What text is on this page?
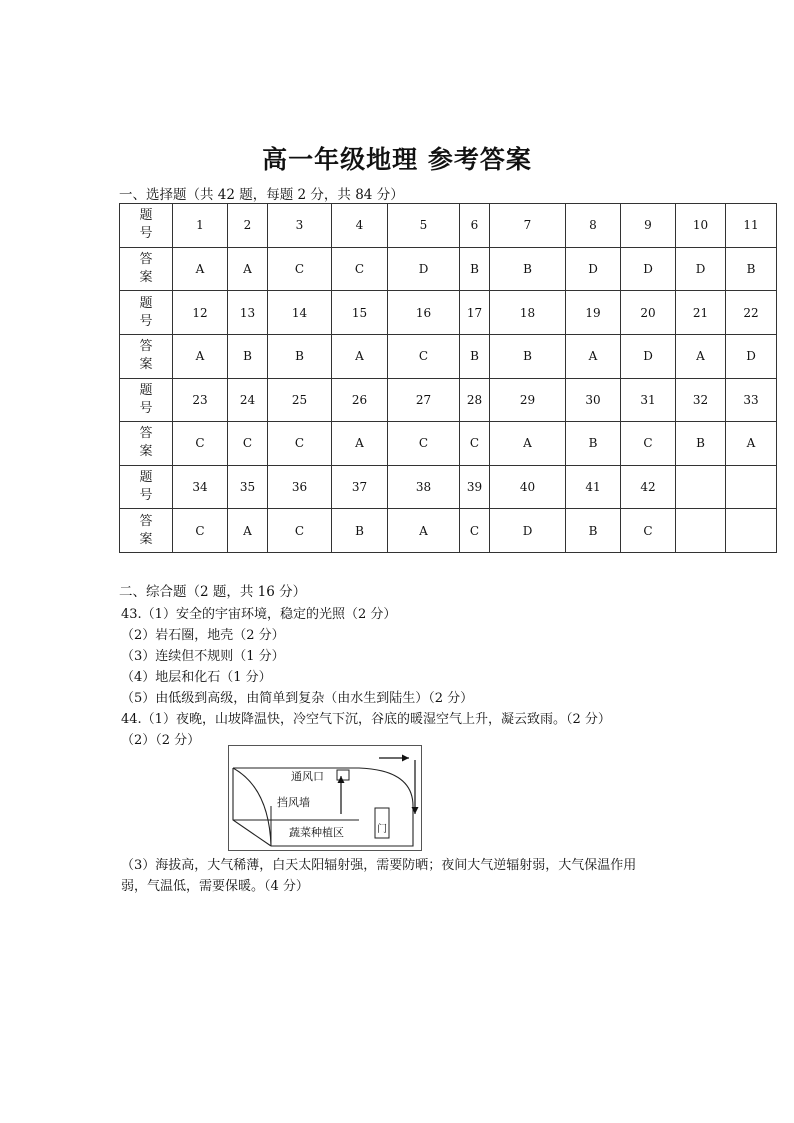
高一年级地理 参考答案
一、选择题（共 42 题，每题 2 分，共 84 分）
题
号	1	2	3	4	5	6	7	8	9	10	11

答
案	A	A	C	C	D	B	B	D	D	D	B

题
号	12	13	14	15	16	17	18	19	20	21	22

答
案	A	B	B	A	C	B	B	A	D	A	D

题
号	23	24	25	26	27	28	29	30	31	32	33

答
案	C	C	C	A	C	C	A	B	C	B	A

题
号	34	35	36	37	38	39	40	41	42		

答
案	C	A	C	B	A	C	D	B	C		
二、综合题（2 题，共 16 分）
43.（1）安全的宇宙环境，稳定的光照（2 分）
（2）岩石圈，地壳（2 分）
（3）连续但不规则（1 分）
（4）地层和化石（1 分）
（5）由低级到高级，由简单到复杂（由水生到陆生）（2 分）
44.（1）夜晚，山坡降温快，冷空气下沉，谷底的暖湿空气上升，凝云致雨。（2 分）
（2）（2 分）
通风口
挡风墙
蔬菜种植区	门
（3）海拔高，大气稀薄，白天太阳辐射强，需要防晒；夜间大气逆辐射弱，大气保温作用
弱，气温低，需要保暖。（4 分）
